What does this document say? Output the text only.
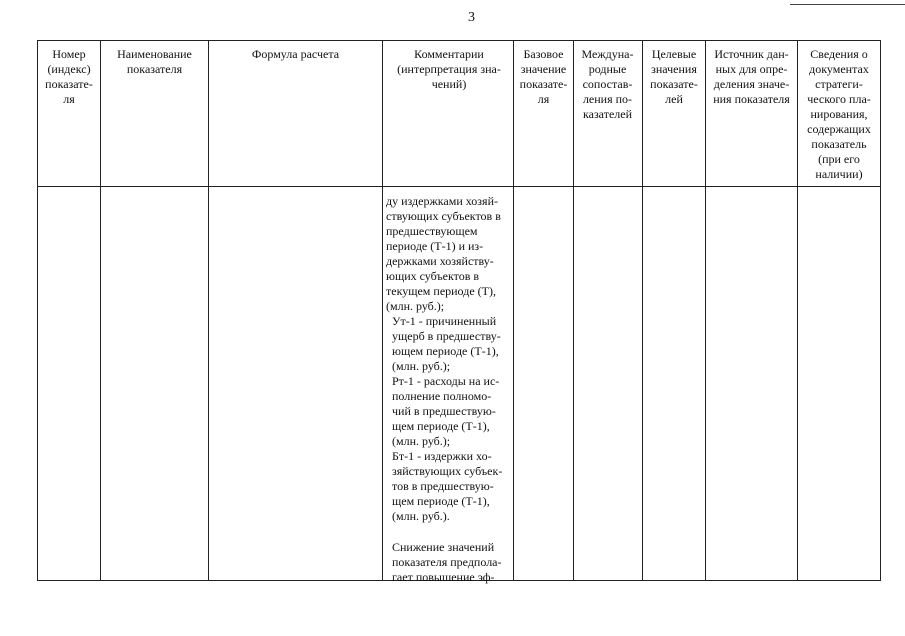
3
Номер (индекс) показате-ля
Наименование показателя
Формула расчета	Комментарии (интерпретация зна-чений)
Базовое значение показате-ля
Междуна-родные сопостав-ления по-казателей
Целевые значения показате-лей
Источник дан-ных для опре-деления значе-ния показателя
Сведения о документах стратеги-ческого пла-нирования, содержащих показатель (при его наличии)

ду издержками хозяй-ствующих субъектов в предшествующем периоде (Т-1) и из-держками хозяйству-ющих субъектов в текущем периоде (Т), (млн. руб.);

Ут-1 - причиненный ущерб в предшеству-ющем периоде (Т-1), (млн. руб.);

Рт-1 - расходы на ис-полнение полномо-чий в предшествую-щем периоде (Т-1), (млн. руб.);

Бт-1 - издержки хо-зяйствующих субъек-тов в предшествую-щем периоде (Т-1), (млн. руб.).

Снижение значений показателя предпола-гает повышение эф-
